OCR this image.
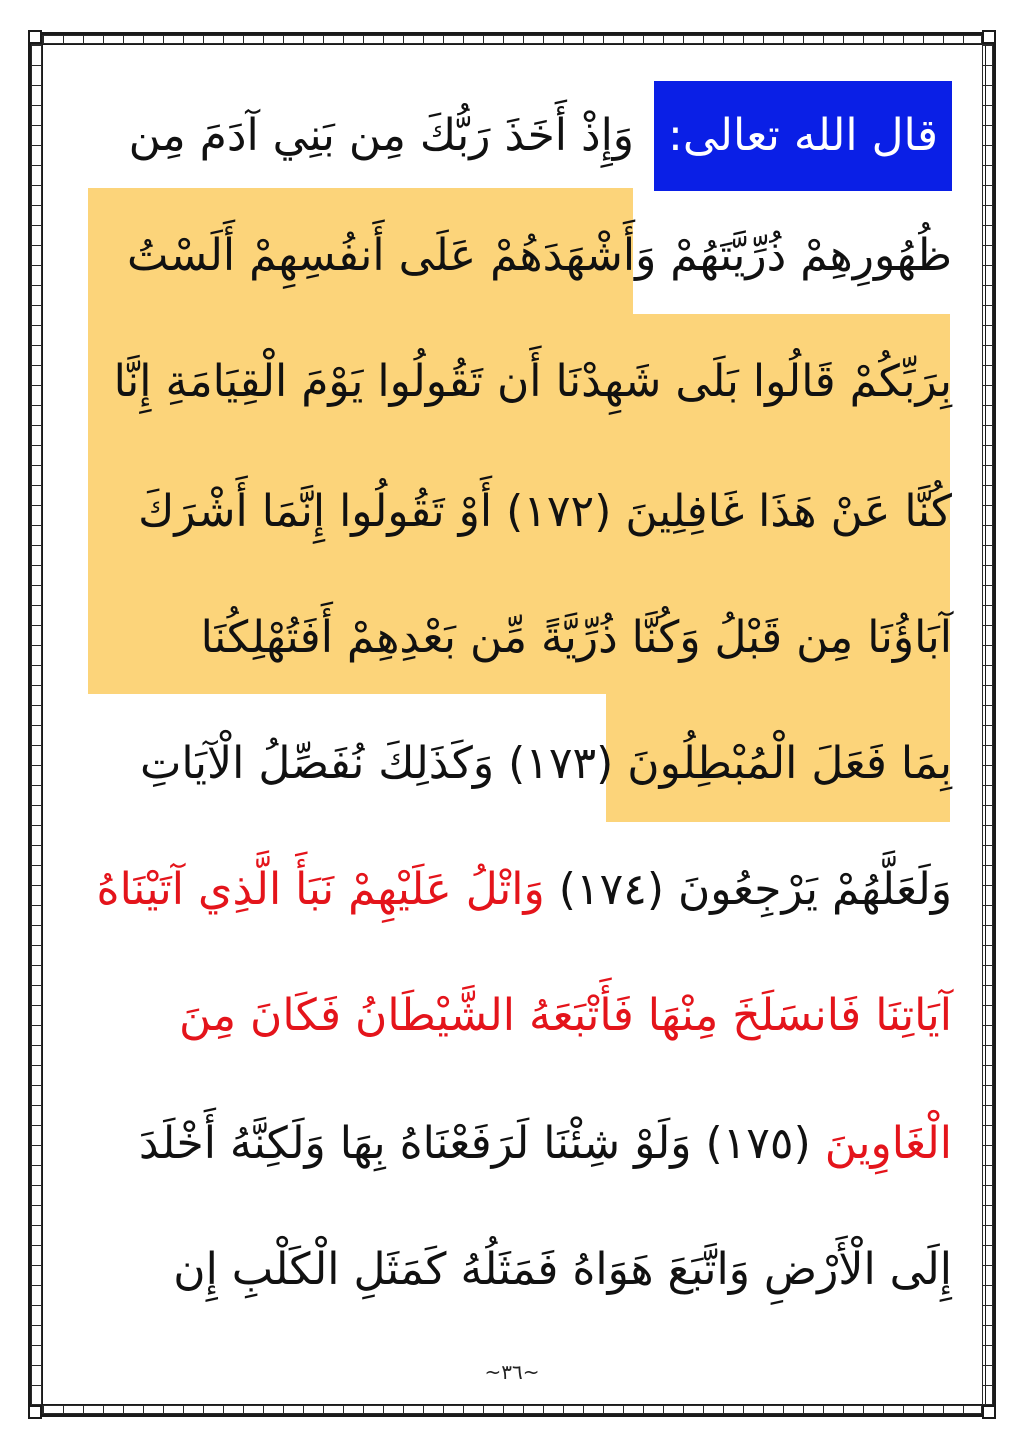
قال الله تعالى: وَإِذْ أَخَذَ رَبُّكَ مِن بَنِي آدَمَ مِن
ظُهُورِهِمْ ذُرِّيَّتَهُمْ وَأَشْهَدَهُمْ عَلَى أَنفُسِهِمْ أَلَسْتُ
بِرَبِّكُمْ قَالُوا بَلَى شَهِدْنَا أَن تَقُولُوا يَوْمَ الْقِيَامَةِ إِنَّا
كُنَّا عَنْ هَذَا غَافِلِينَ (١٧٢) أَوْ تَقُولُوا إِنَّمَا أَشْرَكَ
آبَاؤُنَا مِن قَبْلُ وَكُنَّا ذُرِّيَّةً مِّن بَعْدِهِمْ أَفَتُهْلِكُنَا
بِمَا فَعَلَ الْمُبْطِلُونَ (١٧٣) وَكَذَلِكَ نُفَصِّلُ الْآيَاتِ
وَلَعَلَّهُمْ يَرْجِعُونَ (١٧٤) وَاتْلُ عَلَيْهِمْ نَبَأَ الَّذِي آتَيْنَاهُ
آيَاتِنَا فَانسَلَخَ مِنْهَا فَأَتْبَعَهُ الشَّيْطَانُ فَكَانَ مِنَ
الْغَاوِينَ (١٧٥) وَلَوْ شِئْنَا لَرَفَعْنَاهُ بِهَا وَلَكِنَّهُ أَخْلَدَ
إِلَى الْأَرْضِ وَاتَّبَعَ هَوَاهُ فَمَثَلُهُ كَمَثَلِ الْكَلْبِ إِن
~٣٦~
